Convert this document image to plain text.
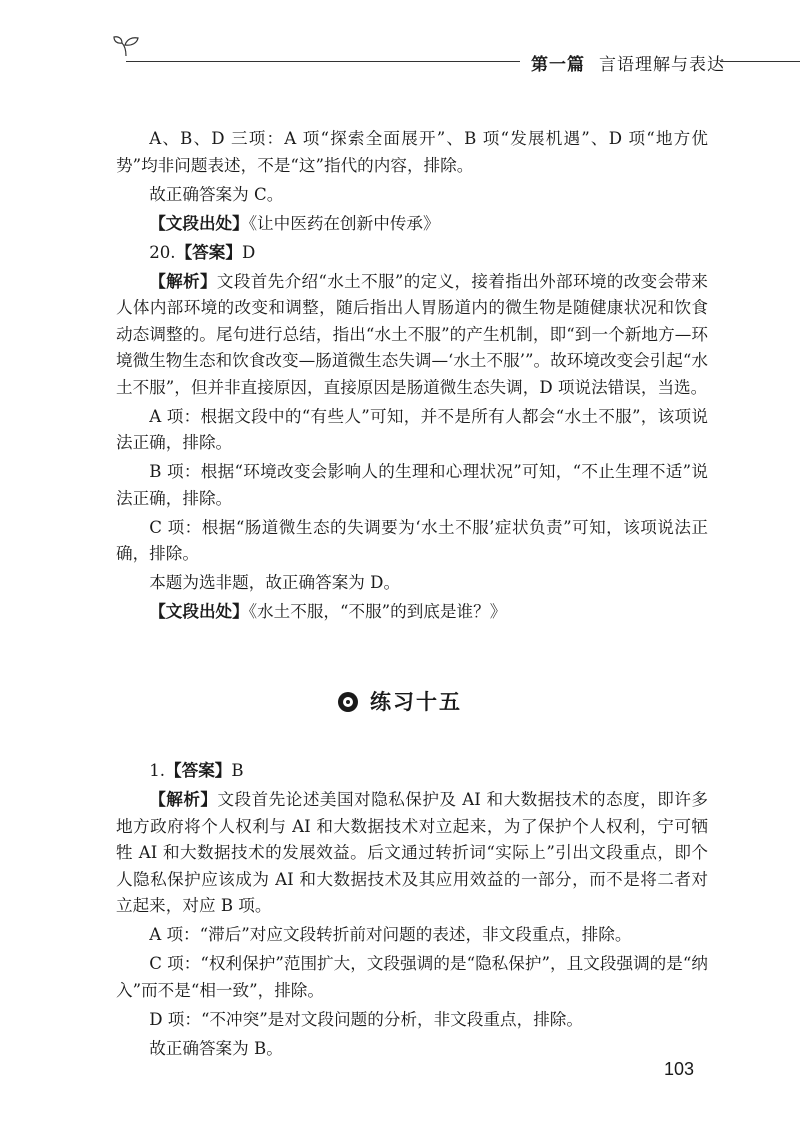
第一篇 言语理解与表达

A、B、D 三项：A 项“探索全面展开”、B 项“发展机遇”、D 项“地方优势”均非问题表述，不是“这”指代的内容，排除。

故正确答案为 C。

【文段出处】《让中医药在创新中传承》

20.【答案】D

【解析】文段首先介绍“水土不服”的定义，接着指出外部环境的改变会带来人体内部环境的改变和调整，随后指出人胃肠道内的微生物是随健康状况和饮食动态调整的。尾句进行总结，指出“水土不服”的产生机制，即“到一个新地方—环境微生物生态和饮食改变—肠道微生态失调—‘水土不服’”。故环境改变会引起“水土不服”，但并非直接原因，直接原因是肠道微生态失调，D 项说法错误，当选。

A 项：根据文段中的“有些人”可知，并不是所有人都会“水土不服”，该项说法正确，排除。

B 项：根据“环境改变会影响人的生理和心理状况”可知，“不止生理不适”说法正确，排除。

C 项：根据“肠道微生态的失调要为‘水土不服’症状负责”可知，该项说法正确，排除。

本题为选非题，故正确答案为 D。

【文段出处】《水土不服，“不服”的到底是谁？》

练习十五

1.【答案】B

【解析】文段首先论述美国对隐私保护及 AI 和大数据技术的态度，即许多地方政府将个人权利与 AI 和大数据技术对立起来，为了保护个人权利，宁可牺牲 AI 和大数据技术的发展效益。后文通过转折词“实际上”引出文段重点，即个人隐私保护应该成为 AI 和大数据技术及其应用效益的一部分，而不是将二者对立起来，对应 B 项。

A 项：“滞后”对应文段转折前对问题的表述，非文段重点，排除。

C 项：“权利保护”范围扩大，文段强调的是“隐私保护”，且文段强调的是“纳入”而不是“相一致”，排除。

D 项：“不冲突”是对文段问题的分析，非文段重点，排除。

故正确答案为 B。

103
